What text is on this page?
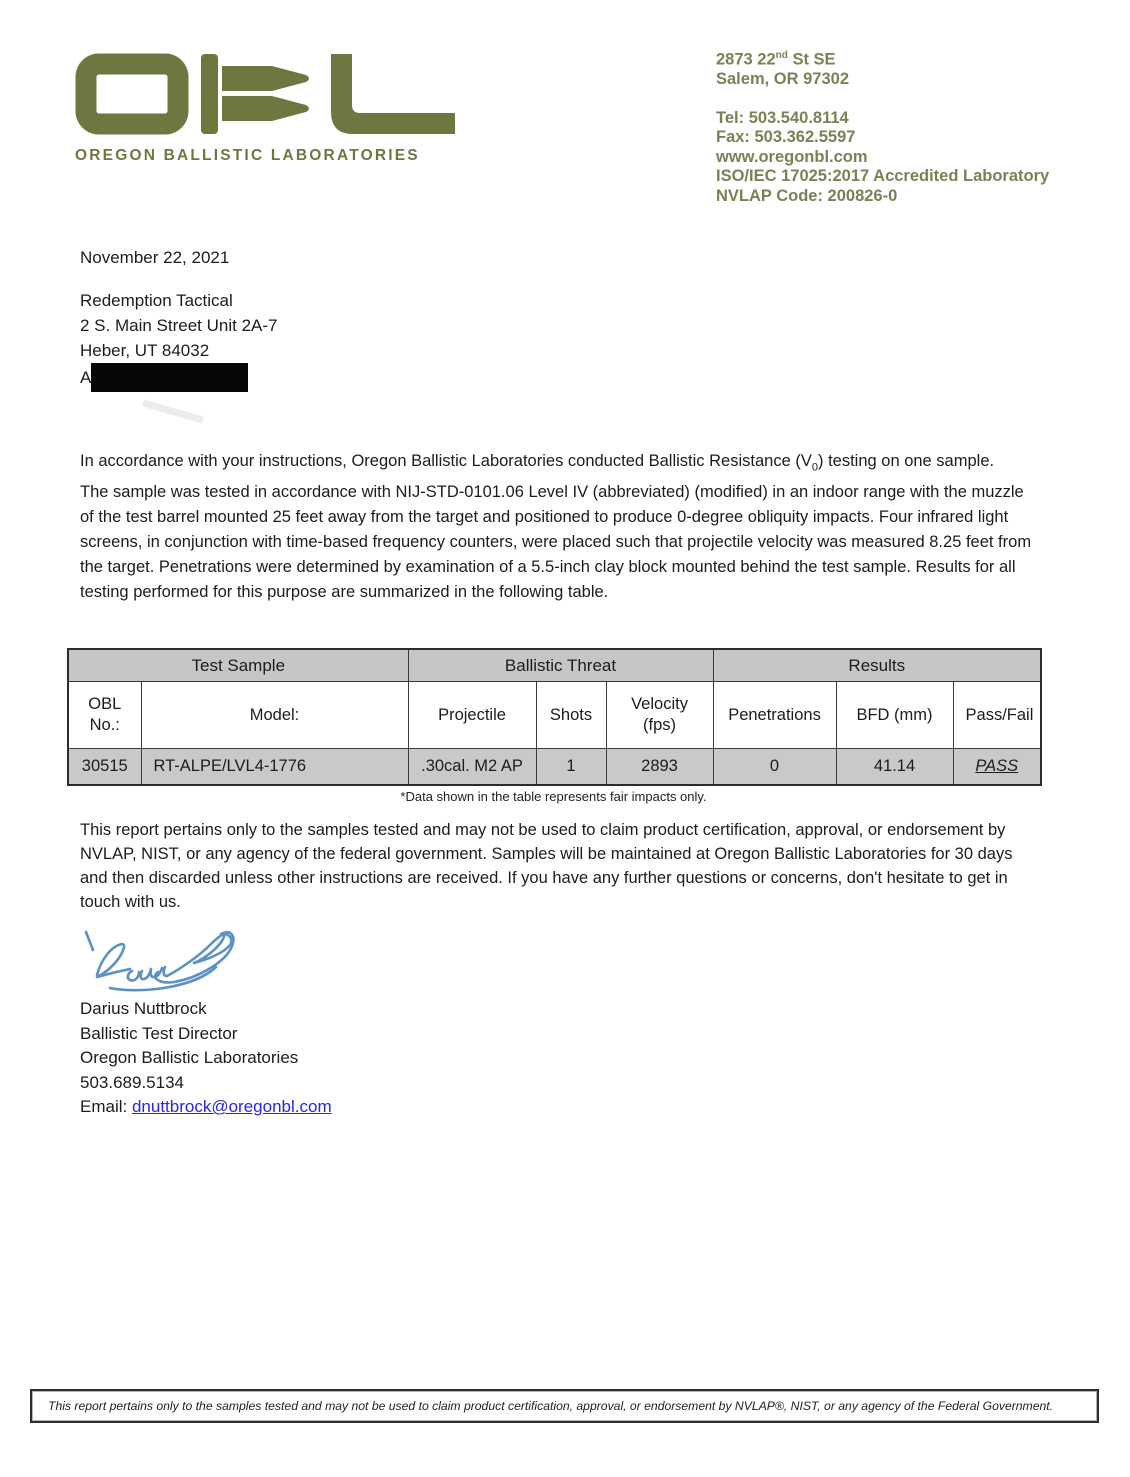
OREGON BALLISTIC LABORATORIES
2873 22nd St SE
Salem, OR 97302
Tel: 503.540.8114
Fax: 503.362.5597
www.oregonbl.com
ISO/IEC 17025:2017 Accredited Laboratory
NVLAP Code: 200826-0
November 22, 2021
Redemption Tactical
2 S. Main Street Unit 2A-7
Heber, UT 84032
A

In accordance with your instructions, Oregon Ballistic Laboratories conducted Ballistic Resistance $(V_0)$ testing on one sample.

The sample was tested in accordance with NIJ-STD-0101.06 Level IV (abbreviated) (modified) in an indoor range with the muzzle of the test barrel mounted 25 feet away from the target and positioned to produce 0-degree obliquity impacts. Four infrared light screens, in conjunction with time-based frequency counters, were placed such that projectile velocity was measured 8.25 feet from the target. Penetrations were determined by examination of a 5.5-inch clay block mounted behind the test sample. Results for all testing performed for this purpose are summarized in the following table.

Test Sample		Ballistic Threat			Results		
OBL No.:	Model:	Projectile	Shots	Velocity (fps)	Penetrations	BFD (mm)	Pass/Fail
30515	RT-ALPE/LVL4-1776	.30cal. M2 AP	1	2893	0	41.14	PASS
*Data shown in the table represents fair impacts only.
This report pertains only to the samples tested and may not be used to claim product certification, approval, or endorsement by NVLAP, NIST, or any agency of the federal government. Samples will be maintained at Oregon Ballistic Laboratories for 30 days and then discarded unless other instructions are received. If you have any further questions or concerns, don't hesitate to get in touch with us.
Darius Nuttbrock
Ballistic Test Director
Oregon Ballistic Laboratories
503.689.5134
Email: dnuttbrock@oregonbl.com
This report pertains only to the samples tested and may not be used to claim product certification, approval, or endorsement by NVLAP®, NIST, or any agency of the Federal Government.
